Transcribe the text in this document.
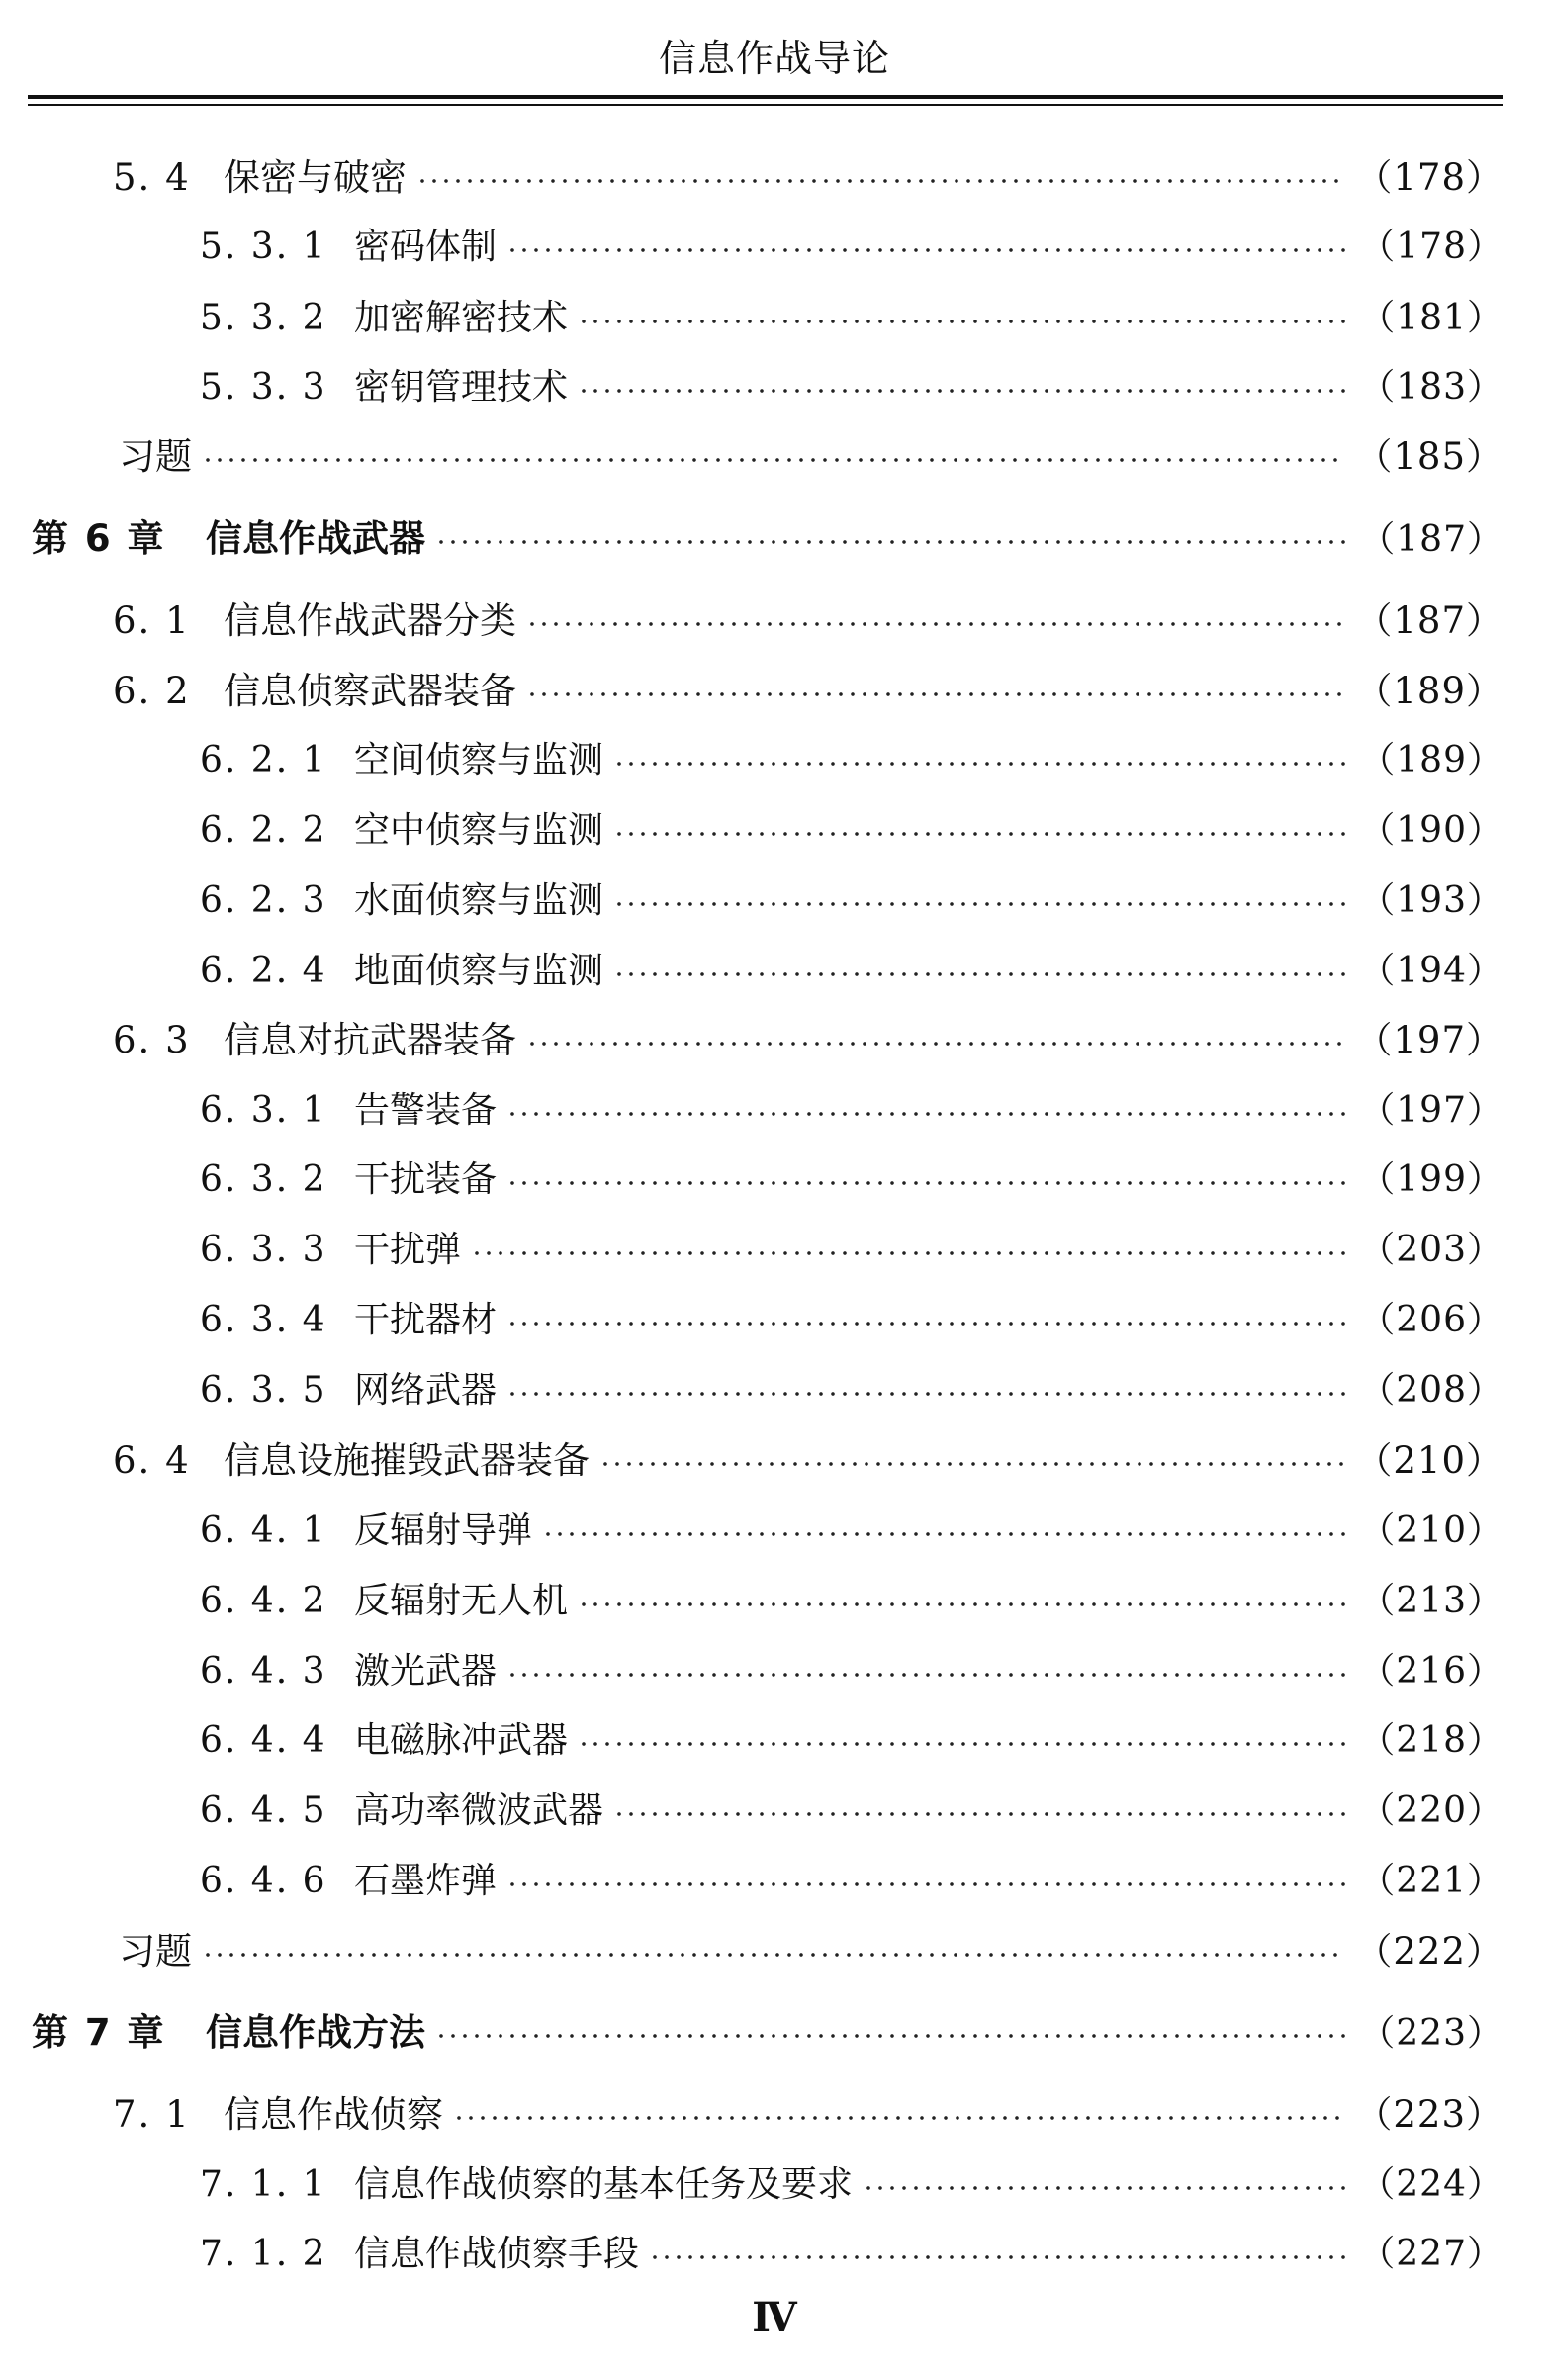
信息作战导论
5. 4 保密与破密	（178）
5. 3. 1 密码体制	（178）
5. 3. 2 加密解密技术	（181）
5. 3. 3 密钥管理技术	（183）
习题	（185）
第 6 章	信息作战武器	（187）
6. 1 信息作战武器分类	（187）
6. 2 信息侦察武器装备	（189）
6. 2. 1 空间侦察与监测	（189）
6. 2. 2 空中侦察与监测	（190）
6. 2. 3 水面侦察与监测	（193）
6. 2. 4 地面侦察与监测	（194）
6. 3 信息对抗武器装备	（197）
6. 3. 1 告警装备	（197）
6. 3. 2 干扰装备	（199）
6. 3. 3 干扰弹	（203）
6. 3. 4 干扰器材	（206）
6. 3. 5 网络武器	（208）
6. 4 信息设施摧毁武器装备	（210）
6. 4. 1 反辐射导弹	（210）
6. 4. 2 反辐射无人机	（213）
6. 4. 3 激光武器	（216）
6. 4. 4 电磁脉冲武器	（218）
6. 4. 5 高功率微波武器	（220）
6. 4. 6 石墨炸弹	（221）
习题	（222）
第 7 章	信息作战方法	（223）
7. 1 信息作战侦察	（223）
7. 1. 1 信息作战侦察的基本任务及要求	（224）
7. 1. 2 信息作战侦察手段	（227）
Ⅳ
